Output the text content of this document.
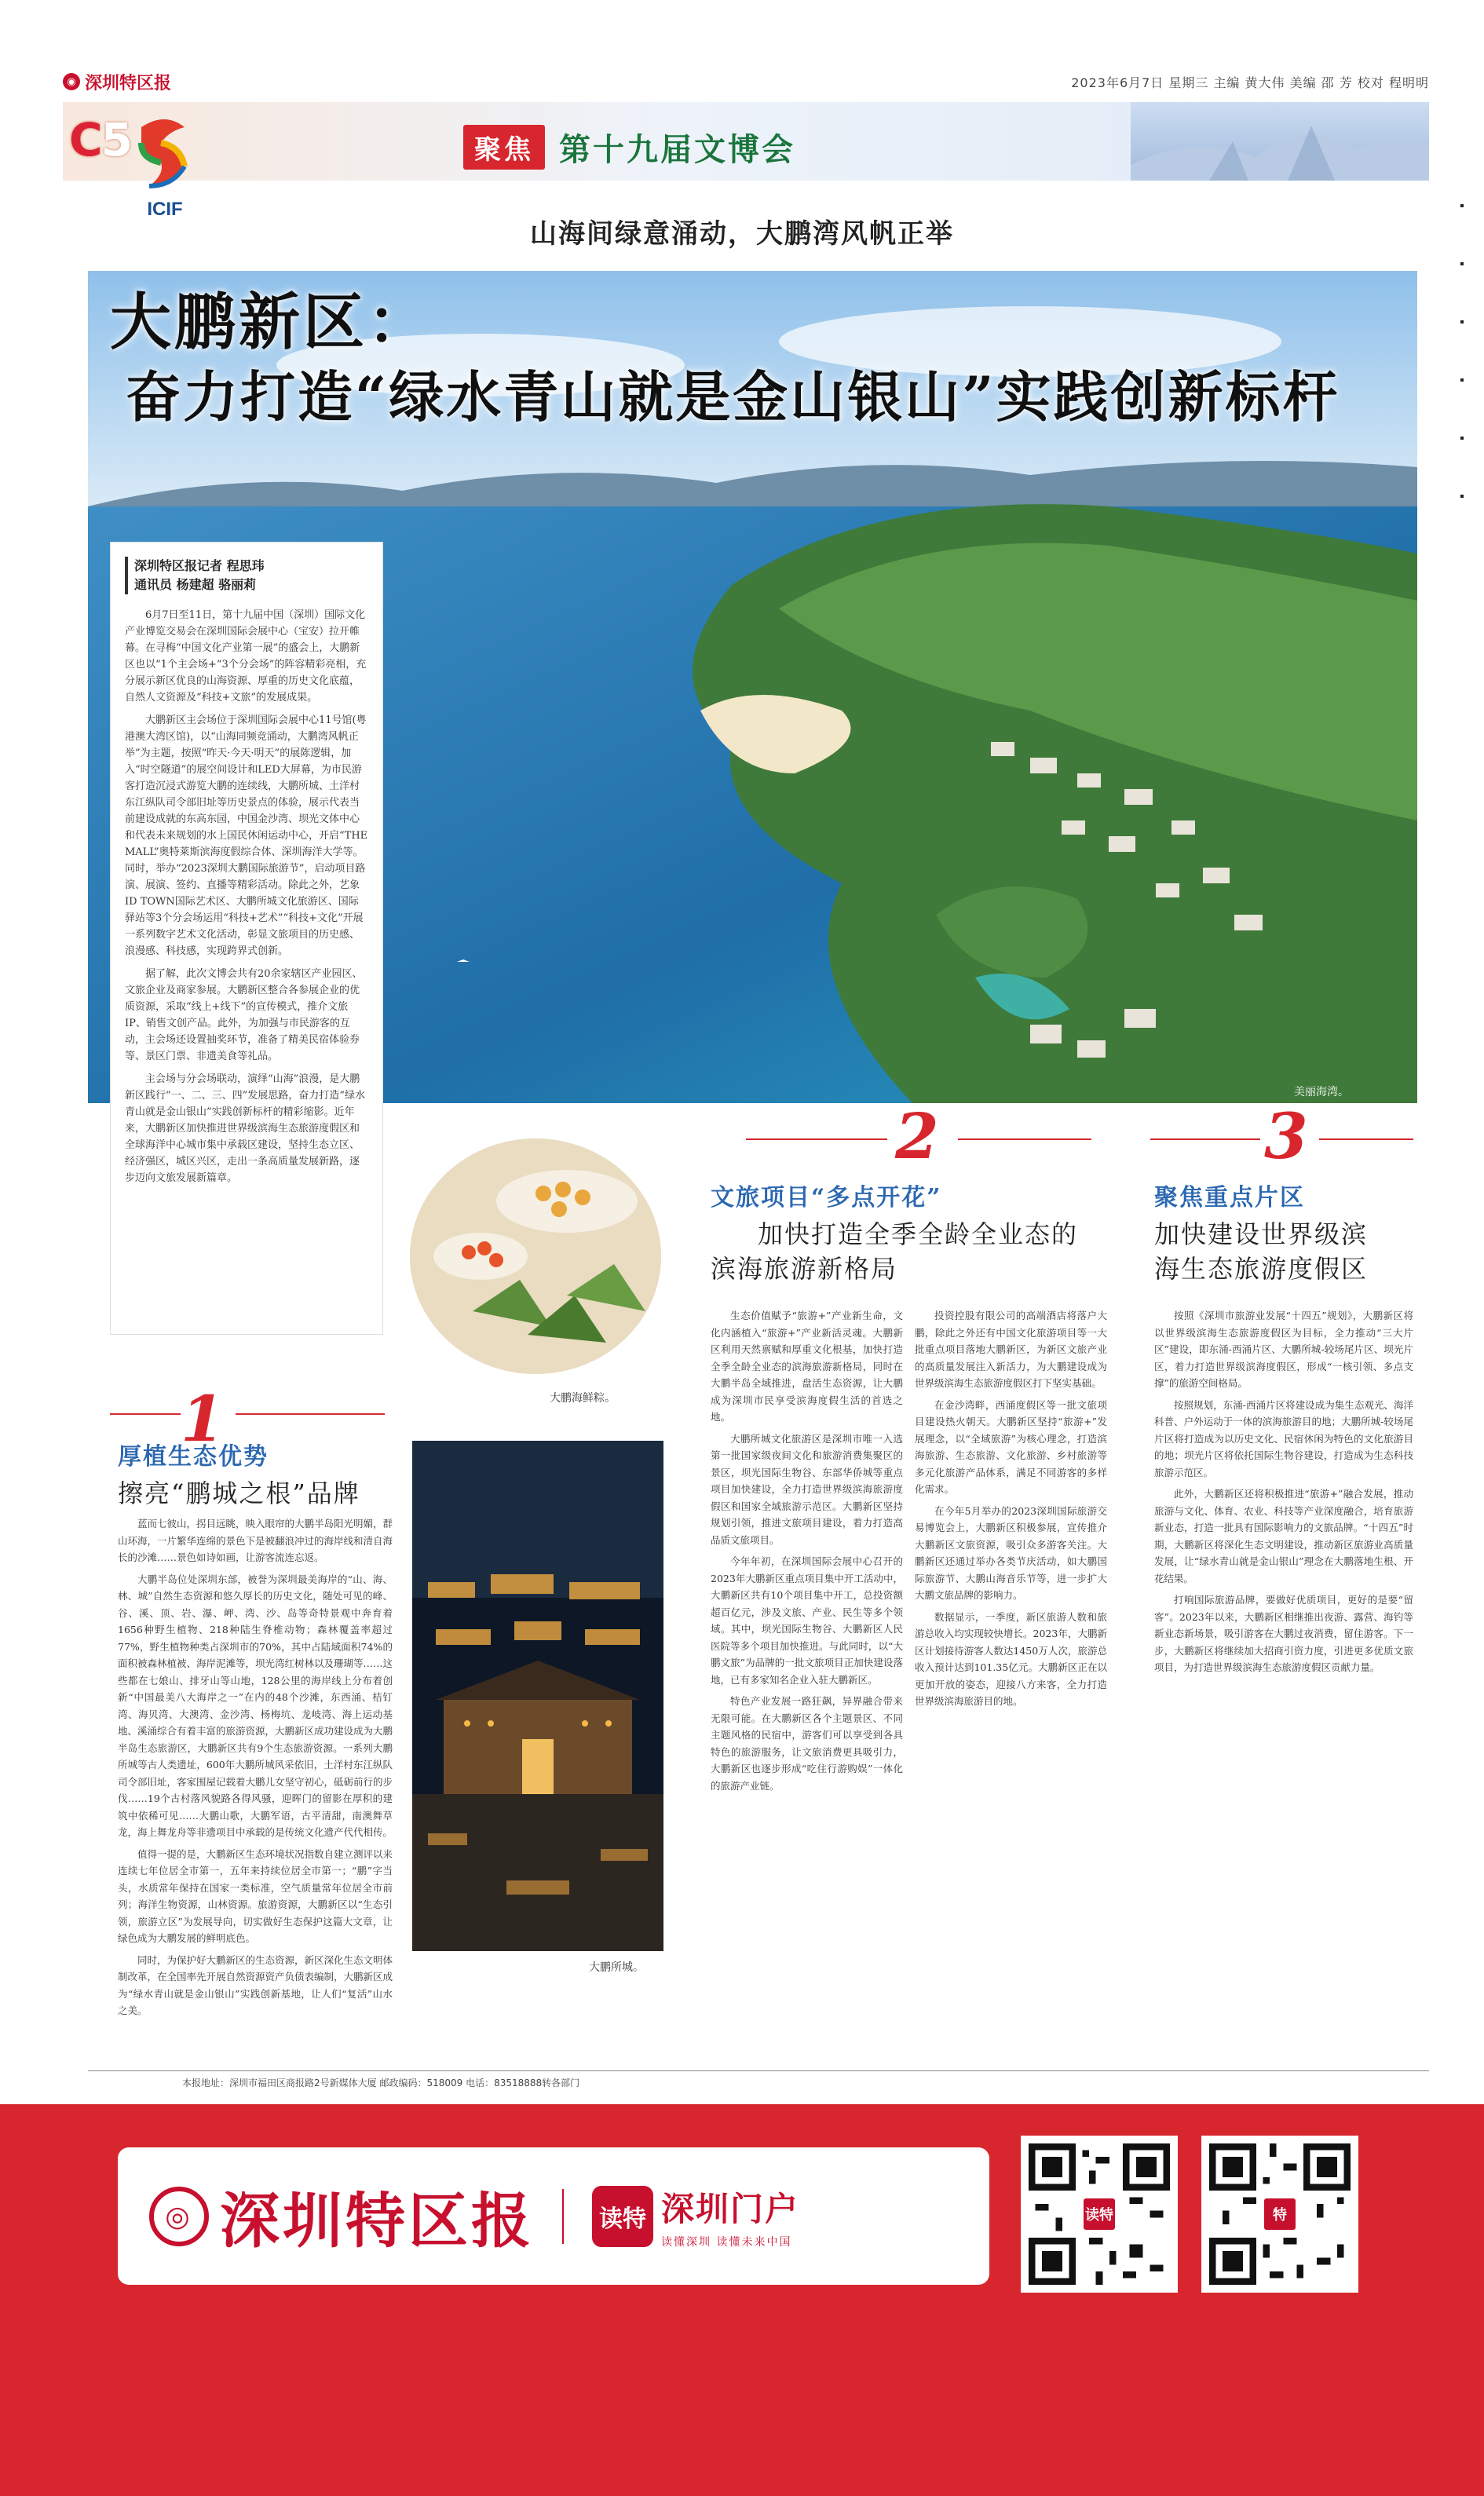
◉ 深圳特区报	2023年6月7日 星期三 主编 黄大伟 美编 邵 芳 校对 程明明
C5
ICIF
聚焦 第十九届文博会
山海间绿意涌动，大鹏湾风帆正举
大鹏新区：
奋力打造“绿水青山就是金山银山”实践创新标杆
美丽海湾。
深圳特区报记者 程思玮
通讯员 杨建超 骆丽莉

6月7日至11日，第十九届中国（深圳）国际文化产业博览交易会在深圳国际会展中心（宝安）拉开帷幕。在寻梅“中国文化产业第一展”的盛会上，大鹏新区也以“1个主会场+“3个分会场”的阵容精彩亮相，充分展示新区优良的山海资源、厚重的历史文化底蕴，自然人文资源及“科技+文旅”的发展成果。

大鹏新区主会场位于深圳国际会展中心11号馆(粤港澳大湾区馆)，以“山海同频竞涌动，大鹏湾风帆正举”为主题，按照“昨天·今天·明天”的展陈逻辑，加入“时空隧道”的展空间设计和LED大屏幕，为市民游客打造沉浸式游览大鹏的连续线，大鹏所城、土洋村东江纵队司令部旧址等历史景点的体验，展示代表当前建设成就的东高东园，中国金沙湾、坝光文体中心和代表未来规划的水上国民休闲运动中心，开启“THE MALL”奥特莱斯滨海度假综合体、深圳海洋大学等。同时，举办“2023深圳大鹏国际旅游节”，启动项目路演、展演、签约、直播等精彩活动。除此之外，艺象ID TOWN国际艺术区、大鹏所城文化旅游区、国际驿站等3个分会场运用“科技+艺术”“科技+文化”开展一系列数字艺术文化活动，彰显文旅项目的历史感、浪漫感、科技感，实现跨界式创新。

据了解，此次文博会共有20余家辖区产业园区、文旅企业及商家参展。大鹏新区整合各参展企业的优质资源，采取“线上+线下”的宣传模式，推介文旅IP、销售文创产品。此外，为加强与市民游客的互动，主会场还设置抽奖环节，准备了精美民宿体验券等、景区门票、非遗美食等礼品。

主会场与分会场联动，演绎“山海”浪漫，是大鹏新区践行“一、二、三、四”发展思路，奋力打造“绿水青山就是金山银山”实践创新标杆的精彩缩影。近年来，大鹏新区加快推进世界级滨海生态旅游度假区和全球海洋中心城市集中承载区建设，坚持生态立区、经济强区，城区兴区，走出一条高质量发展新路，逐步迈向文旅发展新篇章。

大鹏海鲜粽。
大鹏所城。
1
厚植生态优势
擦亮“鹏城之根”品牌

蓝而七彼山，拐目远眺，映入眼帘的大鹏半岛阳光明媚，群山环海，一片繁华连绵的景色下是被翻浪冲过的海岸线和清自海长的沙滩……景色如诗如画，让游客流连忘返。

大鹏半岛位处深圳东部，被誉为深圳最美海岸的“山、海、林、城”自然生态资源和悠久厚长的历史文化，随处可见的峰、谷、溪、顶、岩、瀑、岬、湾、沙、岛等奇特景观中奔育着1656种野生植物、218种陆生脊椎动物；森林覆盖率超过77%，野生植物种类占深圳市的70%，其中占陆域面积74%的面积被森林植被、海岸泥滩等，坝光湾红树林以及珊瑚等……这些都在七娘山、排牙山等山地，128公里的海岸线上分布着创新“中国最美八大海岸之一”在内的48个沙滩，东西涌、桔钉湾、海贝湾、大澳湾、金沙湾、杨梅坑、龙岐湾、海上运动基地、溪涌综合有着丰富的旅游资源，大鹏新区成功建设成为大鹏半岛生态旅游区，大鹏新区共有9个生态旅游资源。一系列大鹏所城等古人类遗址，600年大鹏所城风采依旧，土洋村东江纵队司令部旧址，客家围屋记载着大鹏儿女坚守初心，砥砺前行的步伐……19个古村落风貌路各得风骚，迎晖门的留影在厚积的建筑中依稀可见……大鹏山歌，大鹏军语，古平清甜，南澳舞草龙，海上舞龙舟等非遗项目中承载的是传统文化遗产代代相传。

值得一提的是，大鹏新区生态环境状况指数自建立测评以来连续七年位居全市第一，五年来持续位居全市第一；“鹏”字当头，水质常年保持在国家一类标准，空气质量常年位居全市前列；海洋生物资源，山林资源。旅游资源，大鹏新区以“生态引领，旅游立区”为发展导向，切实做好生态保护这篇大文章，让绿色成为大鹏发展的鲜明底色。

同时，为保护好大鹏新区的生态资源，新区深化生态文明体制改革，在全国率先开展自然资源资产负债表编制，大鹏新区成为“绿水青山就是金山银山”实践创新基地，让人们“复活”山水之美。

2
文旅项目“多点开花”
加快打造全季全龄全业态的
滨海旅游新格局

生态价值赋予“旅游+”产业新生命，文化内涵植入“旅游+”产业新活灵魂。大鹏新区利用天然禀赋和厚重文化根基，加快打造全季全龄全业态的滨海旅游新格局，同时在大鹏半岛全域推进，盘活生态资源，让大鹏成为深圳市民享受滨海度假生活的首选之地。

大鹏所城文化旅游区是深圳市唯一入选第一批国家级夜间文化和旅游消费集聚区的景区，坝光国际生物谷、东部华侨城等重点项目加快建设，全力打造世界级滨海旅游度假区和国家全域旅游示范区。大鹏新区坚持规划引领，推进文旅项目建设，着力打造高品质文旅项目。

今年年初，在深圳国际会展中心召开的2023年大鹏新区重点项目集中开工活动中，大鹏新区共有10个项目集中开工，总投资额超百亿元，涉及文旅、产业、民生等多个领域。其中，坝光国际生物谷、大鹏新区人民医院等多个项目加快推进。与此同时，以“大鹏文旅”为品牌的一批文旅项目正加快建设落地，已有多家知名企业入驻大鹏新区。

特色产业发展一路狂飙，异界融合带来无限可能。在大鹏新区各个主题景区、不同主题风格的民宿中，游客们可以享受到各具特色的旅游服务，让文旅消费更具吸引力，大鹏新区也逐步形成“吃住行游购娱”一体化的旅游产业链。

投资控股有限公司的高端酒店将落户大鹏，除此之外还有中国文化旅游项目等一大批重点项目落地大鹏新区，为新区文旅产业的高质量发展注入新活力，为大鹏建设成为世界级滨海生态旅游度假区打下坚实基础。

在金沙湾畔，西涌度假区等一批文旅项目建设热火朝天。大鹏新区坚持“旅游+”发展理念，以“全域旅游”为核心理念，打造滨海旅游、生态旅游、文化旅游、乡村旅游等多元化旅游产品体系，满足不同游客的多样化需求。

在今年5月举办的2023深圳国际旅游交易博览会上，大鹏新区积极参展，宣传推介大鹏新区文旅资源，吸引众多游客关注。大鹏新区还通过举办各类节庆活动，如大鹏国际旅游节、大鹏山海音乐节等，进一步扩大大鹏文旅品牌的影响力。

数据显示，一季度，新区旅游人数和旅游总收入均实现较快增长。2023年，大鹏新区计划接待游客人数达1450万人次，旅游总收入预计达到101.35亿元。大鹏新区正在以更加开放的姿态，迎接八方来客，全力打造世界级滨海旅游目的地。

3
聚焦重点片区
加快建设世界级滨
海生态旅游度假区

按照《深圳市旅游业发展“十四五”规划》，大鹏新区将以世界级滨海生态旅游度假区为目标，全力推动“三大片区”建设，即东涌-西涌片区、大鹏所城-较场尾片区、坝光片区，着力打造世界级滨海度假区，形成“一核引领、多点支撑”的旅游空间格局。

按照规划，东涌-西涌片区将建设成为集生态观光、海洋科普、户外运动于一体的滨海旅游目的地；大鹏所城-较场尾片区将打造成为以历史文化、民宿休闲为特色的文化旅游目的地；坝光片区将依托国际生物谷建设，打造成为生态科技旅游示范区。

此外，大鹏新区还将积极推进“旅游+”融合发展，推动旅游与文化、体育、农业、科技等产业深度融合，培育旅游新业态，打造一批具有国际影响力的文旅品牌。“十四五”时期，大鹏新区将深化生态文明建设，推动新区旅游业高质量发展，让“绿水青山就是金山银山”理念在大鹏落地生根、开花结果。

打响国际旅游品牌，要做好优质项目，更好的是要“留客”。2023年以来，大鹏新区相继推出夜游、露营、海钓等新业态新场景，吸引游客在大鹏过夜消费，留住游客。下一步，大鹏新区将继续加大招商引资力度，引进更多优质文旅项目，为打造世界级滨海生态旅游度假区贡献力量。

本报地址：深圳市福田区商报路2号新媒体大厦 邮政编码：518009 电话：83518888转各部门
◎ 深圳特区报	读特 深圳门户
读懂深圳 读懂未来中国
读特	特
